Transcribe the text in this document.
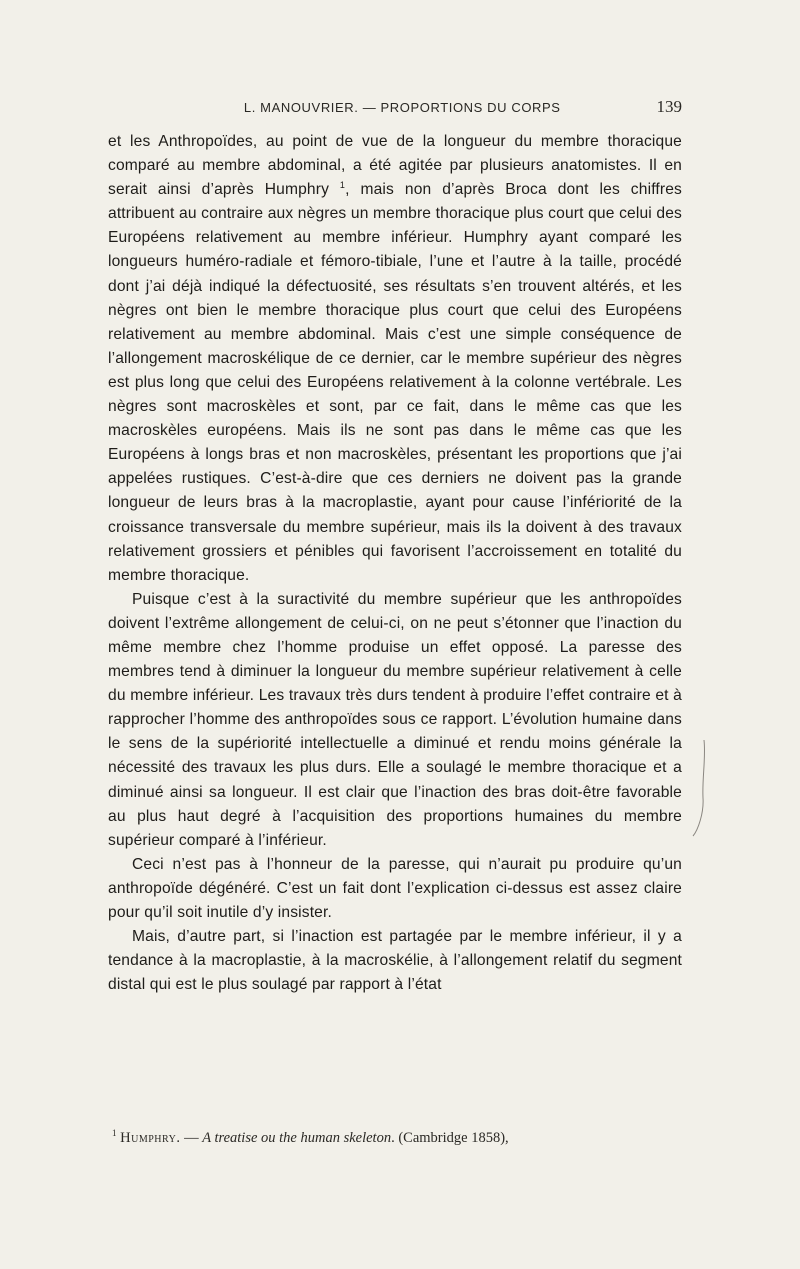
L. MANOUVRIER. — PROPORTIONS DU CORPS	139

et les Anthropoïdes, au point de vue de la longueur du membre thoracique comparé au membre abdominal, a été agitée par plusieurs anatomistes. Il en serait ainsi d’après Humphry $^1$, mais non d’après Broca dont les chiffres attribuent au contraire aux nègres un membre thoracique plus court que celui des Européens relativement au membre inférieur. Humphry ayant comparé les longueurs huméro-radiale et fémoro-tibiale, l’une et l’autre à la taille, procédé dont j’ai déjà indiqué la défectuosité, ses résultats s’en trouvent altérés, et les nègres ont bien le membre thoracique plus court que celui des Européens relativement au membre abdominal. Mais c’est une simple conséquence de l’allongement macroskélique de ce dernier, car le membre supérieur des nègres est plus long que celui des Européens relativement à la colonne vertébrale. Les nègres sont macroskèles et sont, par ce fait, dans le même cas que les macroskèles européens. Mais ils ne sont pas dans le même cas que les Européens à longs bras et non macroskèles, présentant les proportions que j’ai appelées rustiques. C’est-à-dire que ces derniers ne doivent pas la grande longueur de leurs bras à la macroplastie, ayant pour cause l’infériorité de la croissance transversale du membre supérieur, mais ils la doivent à des travaux relativement grossiers et pénibles qui favorisent l’accroissement en totalité du membre thoracique.

Puisque c’est à la suractivité du membre supérieur que les anthropoïdes doivent l’extrême allongement de celui-ci, on ne peut s’étonner que l’inaction du même membre chez l’homme produise un effet opposé. La paresse des membres tend à diminuer la longueur du membre supérieur relativement à celle du membre inférieur. Les travaux très durs tendent à produire l’effet contraire et à rapprocher l’homme des anthropoïdes sous ce rapport. L’évolution humaine dans le sens de la supériorité intellectuelle a diminué et rendu moins générale la nécessité des travaux les plus durs. Elle a soulagé le membre thoracique et a diminué ainsi sa longueur. Il est clair que l’inaction des bras doit-être favorable au plus haut degré à l’acquisition des proportions humaines du membre supérieur comparé à l’inférieur.

Ceci n’est pas à l’honneur de la paresse, qui n’aurait pu produire qu’un anthropoïde dégénéré. C’est un fait dont l’explication ci-dessus est assez claire pour qu’il soit inutile d’y insister.

Mais, d’autre part, si l’inaction est partagée par le membre inférieur, il y a tendance à la macroplastie, à la macroskélie, à l’allongement relatif du segment distal qui est le plus soulagé par rapport à l’état

$^1$ Humphry. — A treatise ou the human skeleton. (Cambridge 1858),
